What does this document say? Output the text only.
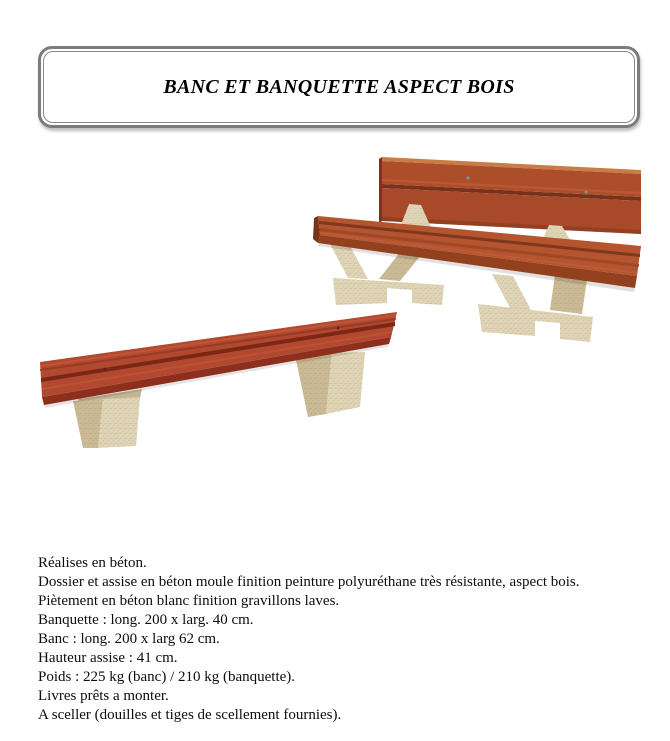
BANC ET BANQUETTE ASPECT BOIS

Réalises en béton.

Dossier et assise en béton moule finition peinture polyuréthane très résistante, aspect bois.

Piètement en béton blanc finition gravillons laves.

Banquette : long. 200 x larg. 40 cm.

Banc : long. 200 x larg 62 cm.

Hauteur assise : 41 cm.

Poids : 225 kg (banc) / 210 kg (banquette).

Livres prêts a monter.

A sceller (douilles et tiges de scellement fournies).
